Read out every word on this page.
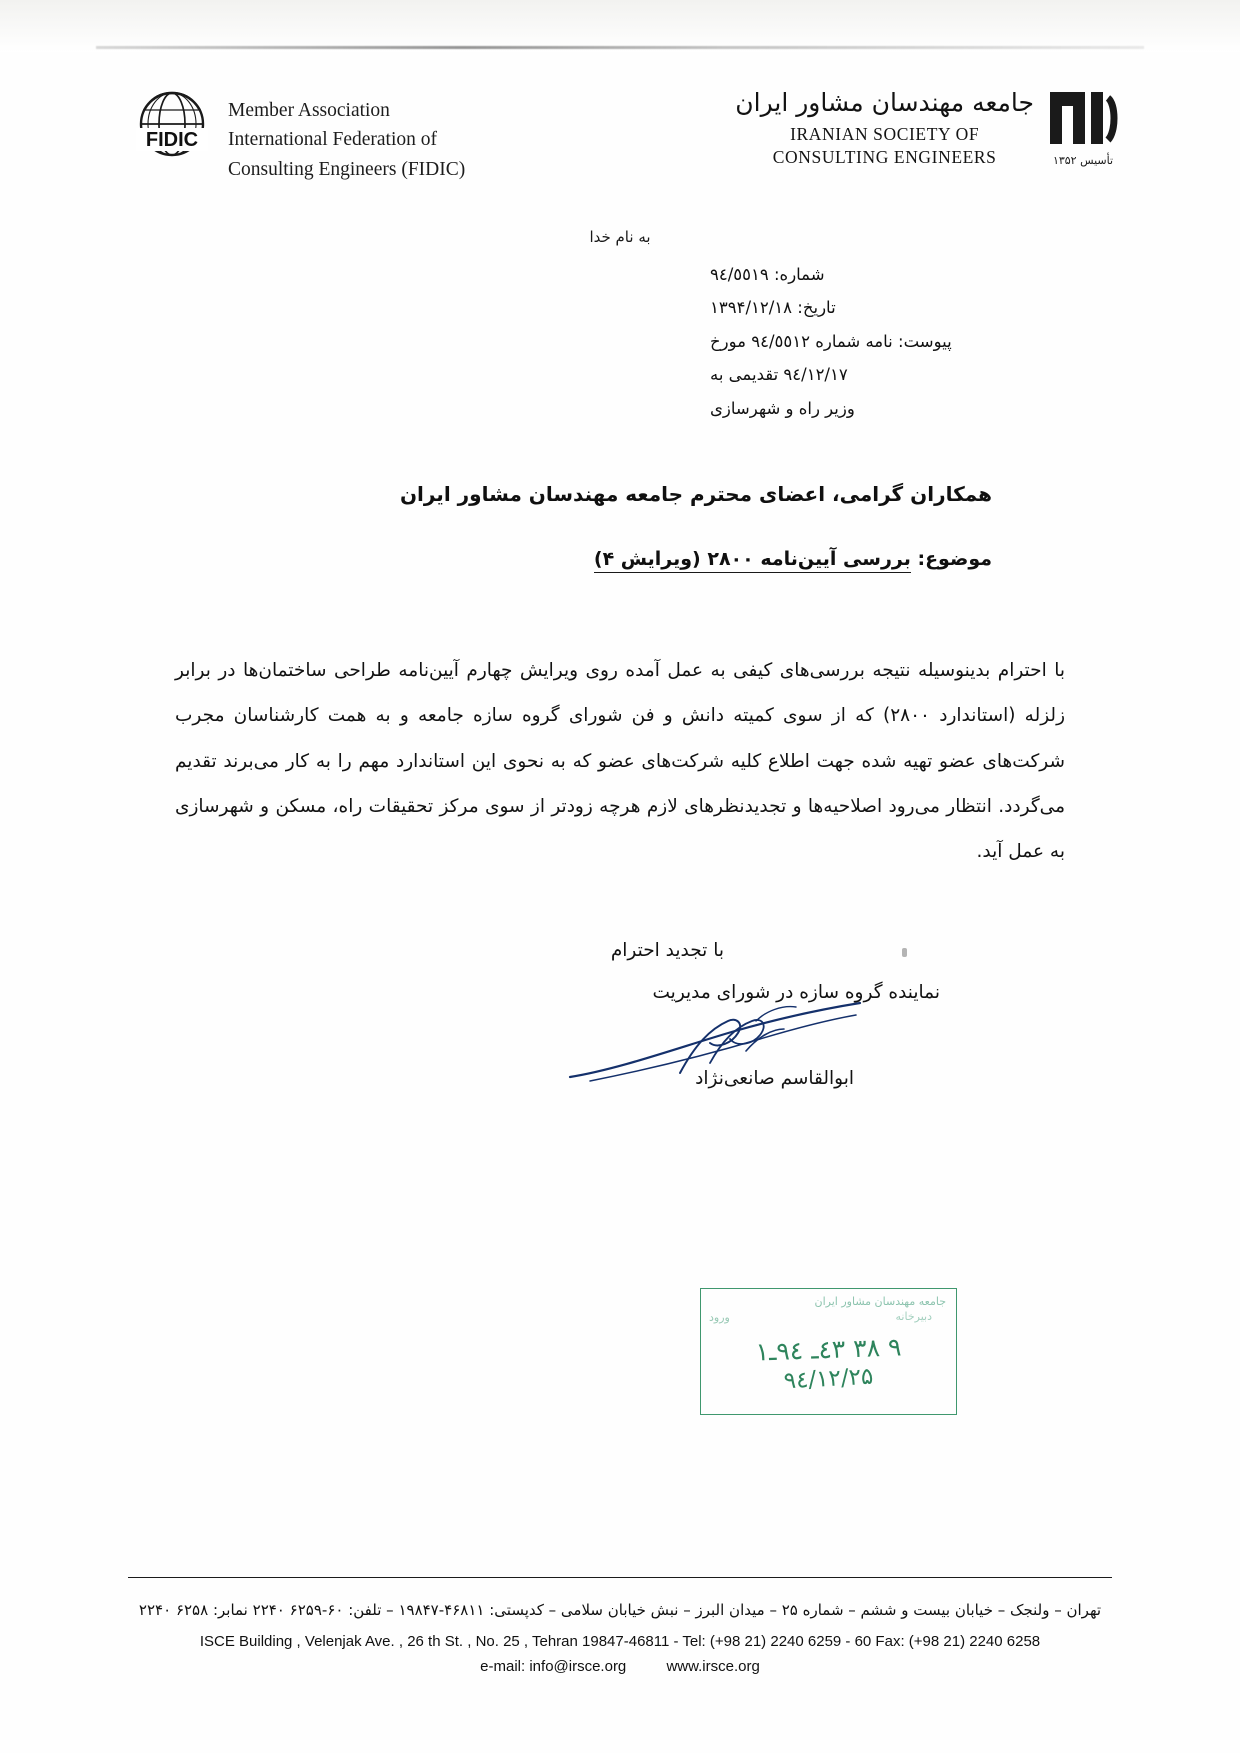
FIDIC
Member Association
International Federation of
Consulting Engineers (FIDIC)	تأسیس ۱۳۵۲
جامعه مهندسان مشاور ایران
IRANIAN SOCIETY OF
CONSULTING ENGINEERS
به نام خدا
شماره: ٩٤/٥٥١٩
تاریخ: ۱۳۹۴/۱۲/۱۸
پیوست: نامه شماره ٩٤/٥٥١٢ مورخ
٩٤/١٢/١٧ تقدیمی به
وزیر راه و شهرسازی
همکاران گرامی، اعضای محترم جامعه مهندسان مشاور ایران
موضوع: بررسی آیین‌نامه ۲۸۰۰ (ویرایش ۴)

با احترام بدینوسیله نتیجه بررسی‌های کیفی به عمل آمده روی ویرایش چهارم آیین‌نامه طراحی ساختمان‌ها در برابر زلزله (استاندارد ۲۸۰۰) که از سوی کمیته دانش و فن شورای گروه سازه جامعه و به همت کارشناسان مجرب شرکت‌های عضو تهیه شده جهت اطلاع کلیه شرکت‌های عضو که به نحوی این استاندارد مهم را به کار می‌برند تقدیم می‌گردد. انتظار می‌رود اصلاحیه‌ها و تجدیدنظرهای لازم هرچه زودتر از سوی مرکز تحقیقات راه، مسکن و شهرسازی به عمل آید.

با تجدید احترام
نماینده گروه سازه در شورای مدیریت
ابوالقاسم صانعی‌نژاد
جامعه مهندسان مشاور ایران
دبیرخانه
ورود
٩ ٣٨ ٤٣ـ ٩٤ـ١
٩٤/١٢/٢۵
تهران – ولنجک – خیابان بیست و ششم – شماره ۲۵ – میدان البرز – نبش خیابان سلامی – کدپستی: ۴۶۸۱۱-۱۹۸۴۷ – تلفن: ۶۰-۶۲۵۹ ۲۲۴۰ نمابر: ۶۲۵۸ ۲۲۴۰
ISCE Building , Velenjak Ave. , 26 th St. , No. 25 , Tehran 19847-46811 - Tel: (+98 21) 2240 6259 - 60 Fax: (+98 21) 2240 6258
e-mail: info@irsce.org	www.irsce.org
